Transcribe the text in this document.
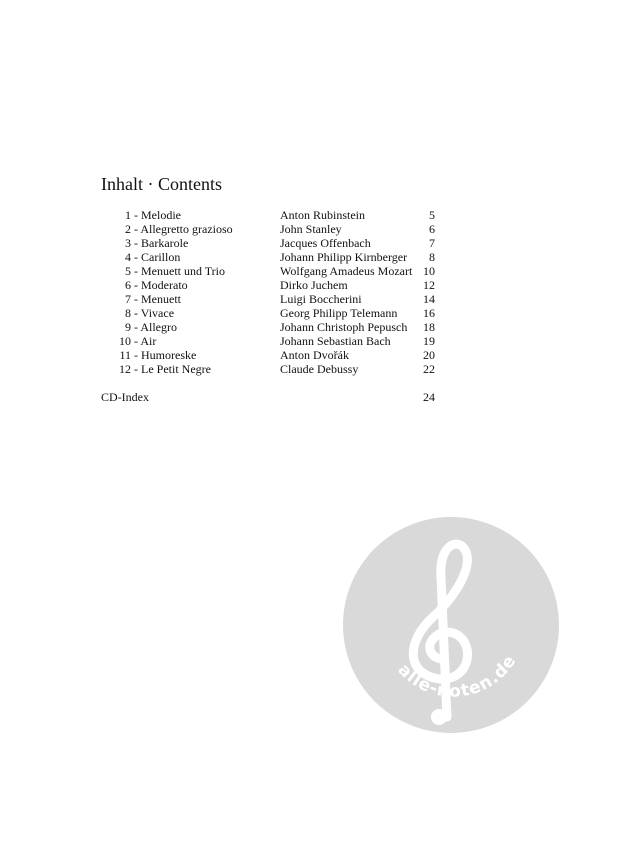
Inhalt · Contents
1 - Melodie	Anton Rubinstein	5
2 - Allegretto grazioso	John Stanley	6
3 - Barkarole	Jacques Offenbach	7
4 - Carillon	Johann Philipp Kirnberger 8
5 - Menuett und Trio	Wolfgang Amadeus Mozart 10
6 - Moderato	Dirko Juchem	12
7 - Menuett	Luigi Boccherini	14
8 - Vivace	Georg Philipp Telemann 16
9 - Allegro	Johann Christoph Pepusch 18
10 - Air	Johann Sebastian Bach	19
11 - Humoreske	Anton Dvořák	20
12 - Le Petit Negre	Claude Debussy	22
CD-Index	24
alle-noten.de
